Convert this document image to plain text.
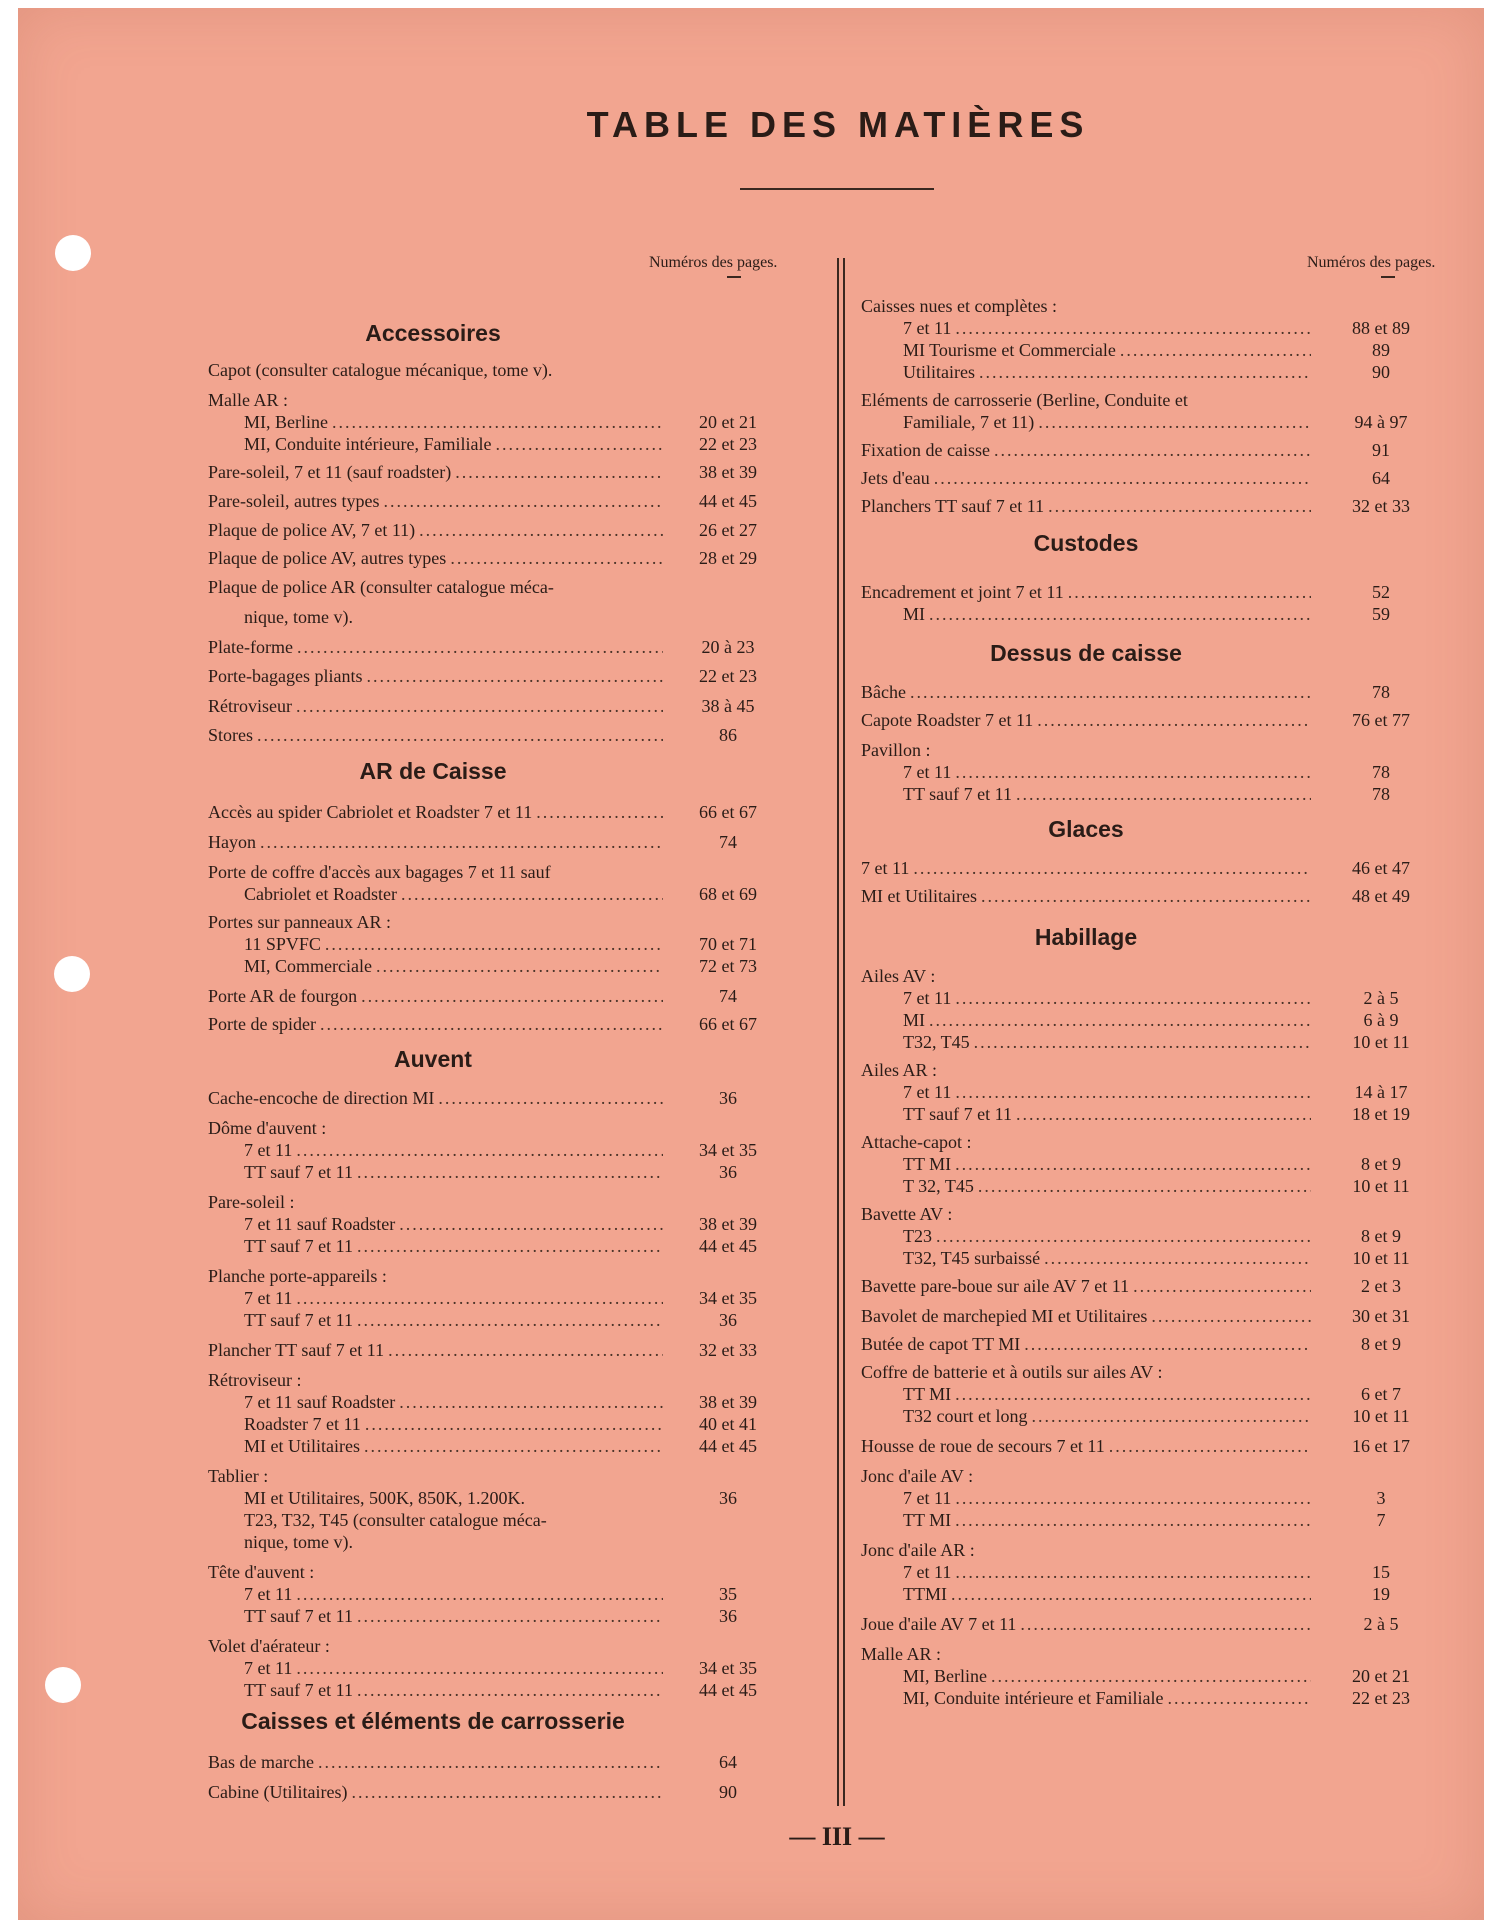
TABLE DES MATIÈRES
Numéros des pages.	Numéros des pages.
Accessoires
Capot (consulter catalogue mécanique, tome v).
Malle AR :
MI, Berline .....	20 et 21
MI, Conduite intérieure, Familiale .....	22 et 23
Pare-soleil, 7 et 11 (sauf roadster) .....	38 et 39
Pare-soleil, autres types .....	44 et 45
Plaque de police AV, 7 et 11) .....	26 et 27
Plaque de police AV, autres types .....	28 et 29
Plaque de police AR (consulter catalogue méca-
nique, tome v).
Plate-forme .....	20 à 23
Porte-bagages pliants .....	22 et 23
Rétroviseur .....	38 à 45
Stores .....	86
AR de Caisse
Accès au spider Cabriolet et Roadster 7 et 11 .....	66 et 67
Hayon .....	74
Porte de coffre d'accès aux bagages 7 et 11 sauf
Cabriolet et Roadster .....	68 et 69
Portes sur panneaux AR :
11 SPVFC .....	70 et 71
MI, Commerciale .....	72 et 73
Porte AR de fourgon .....	74
Porte de spider .....	66 et 67
Auvent
Cache-encoche de direction MI .....	36
Dôme d'auvent :
7 et 11 .....	34 et 35
TT sauf 7 et 11 .....	36
Pare-soleil :
7 et 11 sauf Roadster .....	38 et 39
TT sauf 7 et 11 .....	44 et 45
Planche porte-appareils :
7 et 11 .....	34 et 35
TT sauf 7 et 11 .....	36
Plancher TT sauf 7 et 11 .....	32 et 33
Rétroviseur :
7 et 11 sauf Roadster .....	38 et 39
Roadster 7 et 11 .....	40 et 41
MI et Utilitaires .....	44 et 45
Tablier :
MI et Utilitaires, 500K, 850K, 1.200K.	36
T23, T32, T45 (consulter catalogue méca-
nique, tome v).
Tête d'auvent :
7 et 11 .....	35
TT sauf 7 et 11 .....	36
Volet d'aérateur :
7 et 11 .....	34 et 35
TT sauf 7 et 11 .....	44 et 45
Caisses et éléments de carrosserie
Bas de marche .....	64
Cabine (Utilitaires) .....	90
Caisses nues et complètes :
7 et 11 .....	88 et 89
MI Tourisme et Commerciale .....	89
Utilitaires .....	90
Eléments de carrosserie (Berline, Conduite et
Familiale, 7 et 11) .....	94 à 97
Fixation de caisse .....	91
Jets d'eau .....	64
Planchers TT sauf 7 et 11 .....	32 et 33
Custodes
Encadrement et joint 7 et 11 .....	52
MI .....	59
Dessus de caisse
Bâche .....	78
Capote Roadster 7 et 11 .....	76 et 77
Pavillon :
7 et 11 .....	78
TT sauf 7 et 11 .....	78
Glaces
7 et 11 .....	46 et 47
MI et Utilitaires .....	48 et 49
Habillage
Ailes AV :
7 et 11 .....	2 à 5
MI .....	6 à 9
T32, T45 .....	10 et 11
Ailes AR :
7 et 11 .....	14 à 17
TT sauf 7 et 11 .....	18 et 19
Attache-capot :
TT MI .....	8 et 9
T 32, T45 .....	10 et 11
Bavette AV :
T23 .....	8 et 9
T32, T45 surbaissé .....	10 et 11
Bavette pare-boue sur aile AV 7 et 11 .....	2 et 3
Bavolet de marchepied MI et Utilitaires .....	30 et 31
Butée de capot TT MI .....	8 et 9
Coffre de batterie et à outils sur ailes AV :
TT MI .....	6 et 7
T32 court et long .....	10 et 11
Housse de roue de secours 7 et 11 .....	16 et 17
Jonc d'aile AV :
7 et 11 .....	3
TT MI .....	7
Jonc d'aile AR :
7 et 11 .....	15
TTMI .....	19
Joue d'aile AV 7 et 11 .....	2 à 5
Malle AR :
MI, Berline .....	20 et 21
MI, Conduite intérieure et Familiale .....	22 et 23
— III —
